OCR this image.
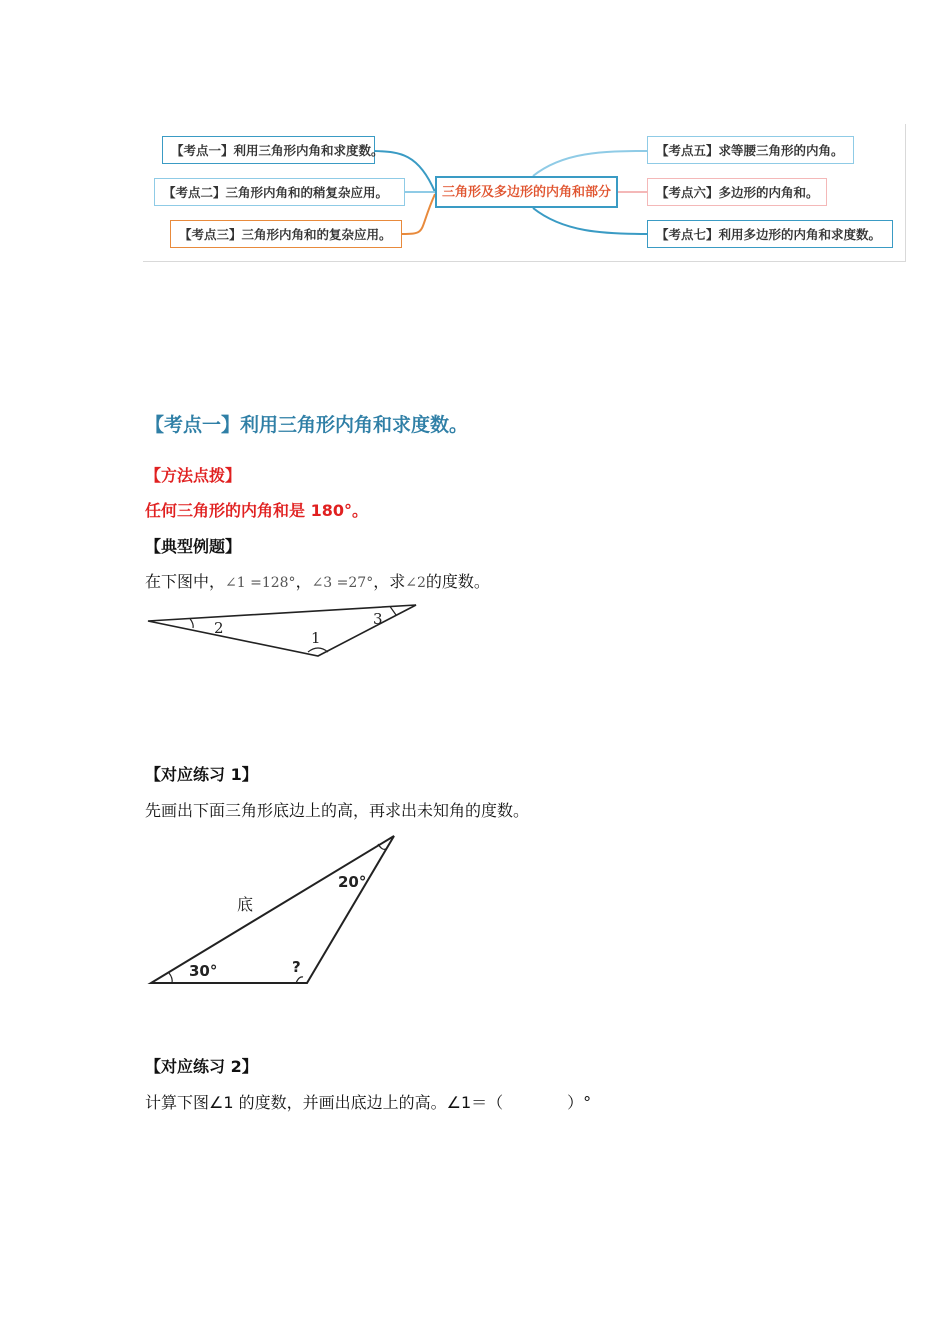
【考点一】利用三角形内角和求度数。
【考点二】三角形内角和的稍复杂应用。
【考点三】三角形内角和的复杂应用。
三角形及多边形的内角和部分
【考点五】求等腰三角形的内角。
【考点六】多边形的内角和。
【考点七】利用多边形的内角和求度数。
【考点一】利用三角形内角和求度数。
【方法点拨】
任何三角形的内角和是 180°。
【典型例题】
在下图中，∠1 =128°，∠3 =27°，求∠2的度数。
2
1
3
【对应练习 1】
先画出下面三角形底边上的高，再求出未知角的度数。
底
30°
20°
?
【对应练习 2】
计算下图∠1 的度数，并画出底边上的高。∠1＝（　　　　）°
